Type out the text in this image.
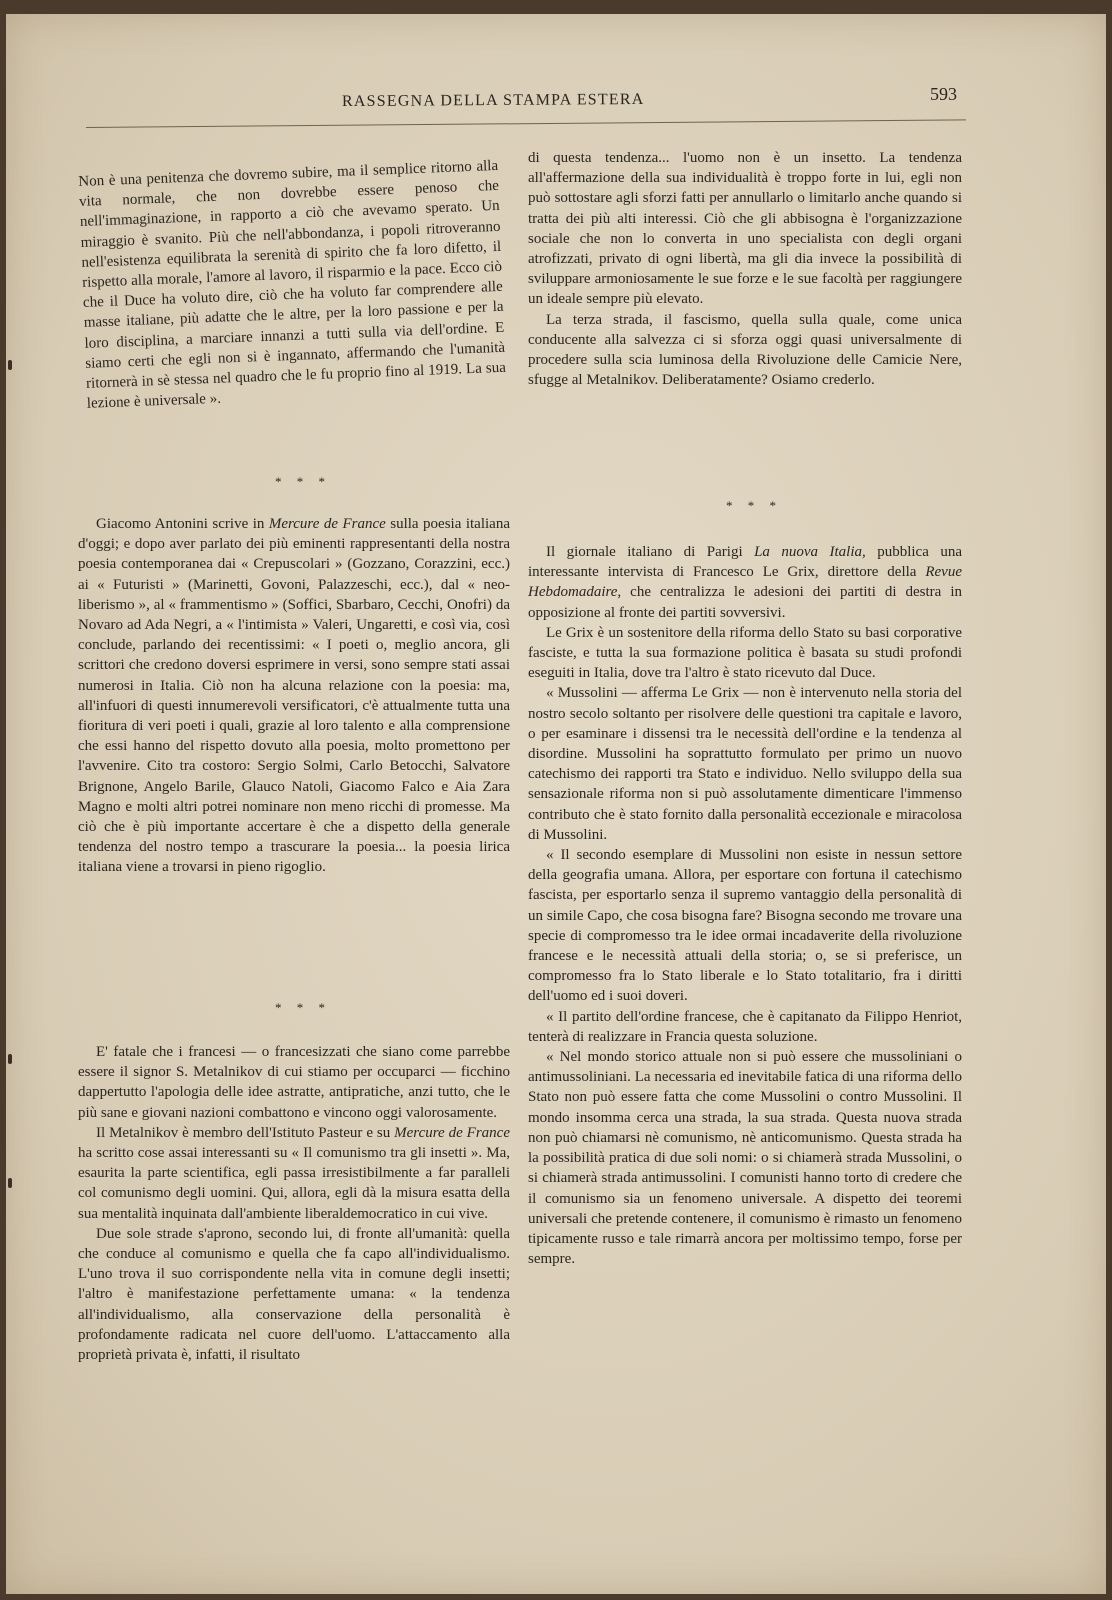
RASSEGNA DELLA STAMPA ESTERA	593

Non è una penitenza che dovremo subire, ma il semplice ritorno alla vita normale, che non dovrebbe essere penoso che nell'immaginazione, in rapporto a ciò che avevamo sperato. Un miraggio è svanito. Più che nell'abbondanza, i popoli ritroveranno nell'esistenza equilibrata la serenità di spirito che fa loro difetto, il rispetto alla morale, l'amore al lavoro, il risparmio e la pace. Ecco ciò che il Duce ha voluto dire, ciò che ha voluto far comprendere alle masse italiane, più adatte che le altre, per la loro passione e per la loro disciplina, a marciare innanzi a tutti sulla via dell'ordine. E siamo certi che egli non si è ingannato, affermando che l'umanità ritornerà in sè stessa nel quadro che le fu proprio fino al 1919. La sua lezione è universale ».

* * *

Giacomo Antonini scrive in Mercure de France sulla poesia italiana d'oggi; e dopo aver parlato dei più eminenti rappresentanti della nostra poesia contemporanea dai « Crepuscolari » (Gozzano, Corazzini, ecc.) ai « Futuristi » (Marinetti, Govoni, Palazzeschi, ecc.), dal « neo-liberismo », al « frammentismo » (Soffici, Sbarbaro, Cecchi, Onofri) da Novaro ad Ada Negri, a « l'intimista » Valeri, Ungaretti, e così via, così conclude, parlando dei recentissimi: « I poeti o, meglio ancora, gli scrittori che credono doversi esprimere in versi, sono sempre stati assai numerosi in Italia. Ciò non ha alcuna relazione con la poesia: ma, all'infuori di questi innumerevoli versificatori, c'è attualmente tutta una fioritura di veri poeti i quali, grazie al loro talento e alla comprensione che essi hanno del rispetto dovuto alla poesia, molto promettono per l'avvenire. Cito tra costoro: Sergio Solmi, Carlo Betocchi, Salvatore Brignone, Angelo Barile, Glauco Natoli, Giacomo Falco e Aia Zara Magno e molti altri potrei nominare non meno ricchi di promesse. Ma ciò che è più importante accertare è che a dispetto della generale tendenza del nostro tempo a trascurare la poesia... la poesia lirica italiana viene a trovarsi in pieno rigoglio.

* * *

E' fatale che i francesi — o francesizzati che siano come parrebbe essere il signor S. Metalnikov di cui stiamo per occuparci — ficchino dappertutto l'apologia delle idee astratte, antipratiche, anzi tutto, che le più sane e giovani nazioni combattono e vincono oggi valorosamente.

Il Metalnikov è membro dell'Istituto Pasteur e su Mercure de France ha scritto cose assai interessanti su « Il comunismo tra gli insetti ». Ma, esaurita la parte scientifica, egli passa irresistibilmente a far paralleli col comunismo degli uomini. Qui, allora, egli dà la misura esatta della sua mentalità inquinata dall'ambiente liberaldemocratico in cui vive.

Due sole strade s'aprono, secondo lui, di fronte all'umanità: quella che conduce al comunismo e quella che fa capo all'individualismo. L'uno trova il suo corrispondente nella vita in comune degli insetti; l'altro è manifestazione perfettamente umana: « la tendenza all'individualismo, alla conservazione della personalità è profondamente radicata nel cuore dell'uomo. L'attaccamento alla proprietà privata è, infatti, il risultato

di questa tendenza... l'uomo non è un insetto. La tendenza all'affermazione della sua individualità è troppo forte in lui, egli non può sottostare agli sforzi fatti per annullarlo o limitarlo anche quando si tratta dei più alti interessi. Ciò che gli abbisogna è l'organizzazione sociale che non lo converta in uno specialista con degli organi atrofizzati, privato di ogni libertà, ma gli dia invece la possibilità di sviluppare armoniosamente le sue forze e le sue facoltà per raggiungere un ideale sempre più elevato.

La terza strada, il fascismo, quella sulla quale, come unica conducente alla salvezza ci si sforza oggi quasi universalmente di procedere sulla scia luminosa della Rivoluzione delle Camicie Nere, sfugge al Metalnikov. Deliberatamente? Osiamo crederlo.

* * *

Il giornale italiano di Parigi La nuova Italia, pubblica una interessante intervista di Francesco Le Grix, direttore della Revue Hebdomadaire, che centralizza le adesioni dei partiti di destra in opposizione al fronte dei partiti sovversivi.

Le Grix è un sostenitore della riforma dello Stato su basi corporative fasciste, e tutta la sua formazione politica è basata su studi profondi eseguiti in Italia, dove tra l'altro è stato ricevuto dal Duce.

« Mussolini — afferma Le Grix — non è intervenuto nella storia del nostro secolo soltanto per risolvere delle questioni tra capitale e lavoro, o per esaminare i dissensi tra le necessità dell'ordine e la tendenza al disordine. Mussolini ha soprattutto formulato per primo un nuovo catechismo dei rapporti tra Stato e individuo. Nello sviluppo della sua sensazionale riforma non si può assolutamente dimenticare l'immenso contributo che è stato fornito dalla personalità eccezionale e miracolosa di Mussolini.

« Il secondo esemplare di Mussolini non esiste in nessun settore della geografia umana. Allora, per esportare con fortuna il catechismo fascista, per esportarlo senza il supremo vantaggio della personalità di un simile Capo, che cosa bisogna fare? Bisogna secondo me trovare una specie di compromesso tra le idee ormai incadaverite della rivoluzione francese e le necessità attuali della storia; o, se si preferisce, un compromesso fra lo Stato liberale e lo Stato totalitario, fra i diritti dell'uomo ed i suoi doveri.

« Il partito dell'ordine francese, che è capitanato da Filippo Henriot, tenterà di realizzare in Francia questa soluzione.

« Nel mondo storico attuale non si può essere che mussoliniani o antimussoliniani. La necessaria ed inevitabile fatica di una riforma dello Stato non può essere fatta che come Mussolini o contro Mussolini. Il mondo insomma cerca una strada, la sua strada. Questa nuova strada non può chiamarsi nè comunismo, nè anticomunismo. Questa strada ha la possibilità pratica di due soli nomi: o si chiamerà strada Mussolini, o si chiamerà strada antimussolini. I comunisti hanno torto di credere che il comunismo sia un fenomeno universale. A dispetto dei teoremi universali che pretende contenere, il comunismo è rimasto un fenomeno tipicamente russo e tale rimarrà ancora per moltissimo tempo, forse per sempre.
